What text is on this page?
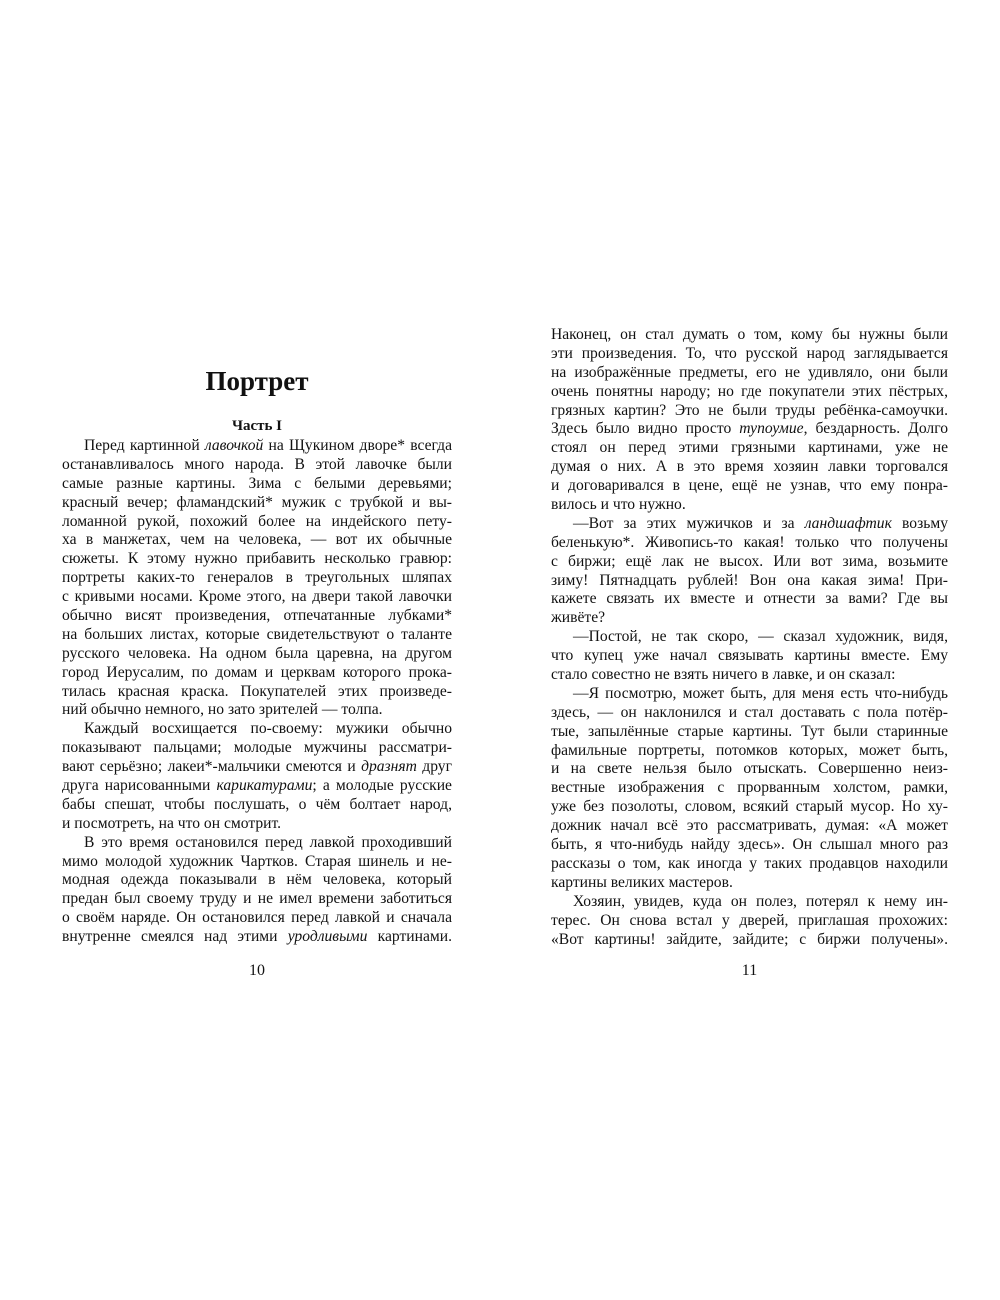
Портрет
Часть I
Перед картинной лавочкой на Щукином дворе* всегда
останавливалось много народа. В этой лавочке были
самые разные картины. Зима с белыми деревьями;
красный вечер; фламандский* мужик с трубкой и вы-
ломанной рукой, похожий более на индейского пету-
ха в манжетах, чем на человека, — вот их обычные
сюжеты. К этому нужно прибавить несколько гравюр:
портреты каких-то генералов в треугольных шляпах
с кривыми носами. Кроме этого, на двери такой лавочки
обычно висят произведения, отпечатанные лубками*
на больших листах, которые свидетельствуют о таланте
русского человека. На одном была царевна, на другом
город Иерусалим, по домам и церквам которого прока-
тилась красная краска. Покупателей этих произведе-
ний обычно немного, но зато зрителей — толпа.
Каждый восхищается по-своему: мужики обычно
показывают пальцами; молодые мужчины рассматри-
вают серьёзно; лакеи*-мальчики смеются и дразнят друг
друга нарисованными карикатурами; а молодые русские
бабы спешат, чтобы послушать, о чём болтает народ,
и посмотреть, на что он смотрит.
В это время остановился перед лавкой проходивший
мимо молодой художник Чартков. Старая шинель и не-
модная одежда показывали в нём человека, который
предан был своему труду и не имел времени заботиться
о своём наряде. Он остановился перед лавкой и сначала
внутренне смеялся над этими уродливыми картинами.
10
Наконец, он стал думать о том, кому бы нужны были
эти произведения. То, что русской народ заглядывается
на изображённые предметы, его не удивляло, они были
очень понятны народу; но где покупатели этих пёстрых,
грязных картин? Это не были труды ребёнка-самоучки.
Здесь было видно просто тупоумие, бездарность. Долго
стоял он перед этими грязными картинами, уже не
думая о них. А в это время хозяин лавки торговался
и договаривался в цене, ещё не узнав, что ему понра-
вилось и что нужно.
—Вот за этих мужичков и за ландшафтик возьму
беленькую*. Живопись-то какая! только что получены
с биржи; ещё лак не высох. Или вот зима, возьмите
зиму! Пятнадцать рублей! Вон она какая зима! При-
кажете связать их вместе и отнести за вами? Где вы
живёте?
—Постой, не так скоро, — сказал художник, видя,
что купец уже начал связывать картины вместе. Ему
стало совестно не взять ничего в лавке, и он сказал:
—Я посмотрю, может быть, для меня есть что-нибудь
здесь, — он наклонился и стал доставать с пола потёр-
тые, запылённые старые картины. Тут были старинные
фамильные портреты, потомков которых, может быть,
и на свете нельзя было отыскать. Совершенно неиз-
вестные изображения с прорванным холстом, рамки,
уже без позолоты, словом, всякий старый мусор. Но ху-
дожник начал всё это рассматривать, думая: «А может
быть, я что-нибудь найду здесь». Он слышал много раз
рассказы о том, как иногда у таких продавцов находили
картины великих мастеров.
Хозяин, увидев, куда он полез, потерял к нему ин-
терес. Он снова встал у дверей, приглашая прохожих:
«Вот картины! зайдите, зайдите; с биржи получены».
11
